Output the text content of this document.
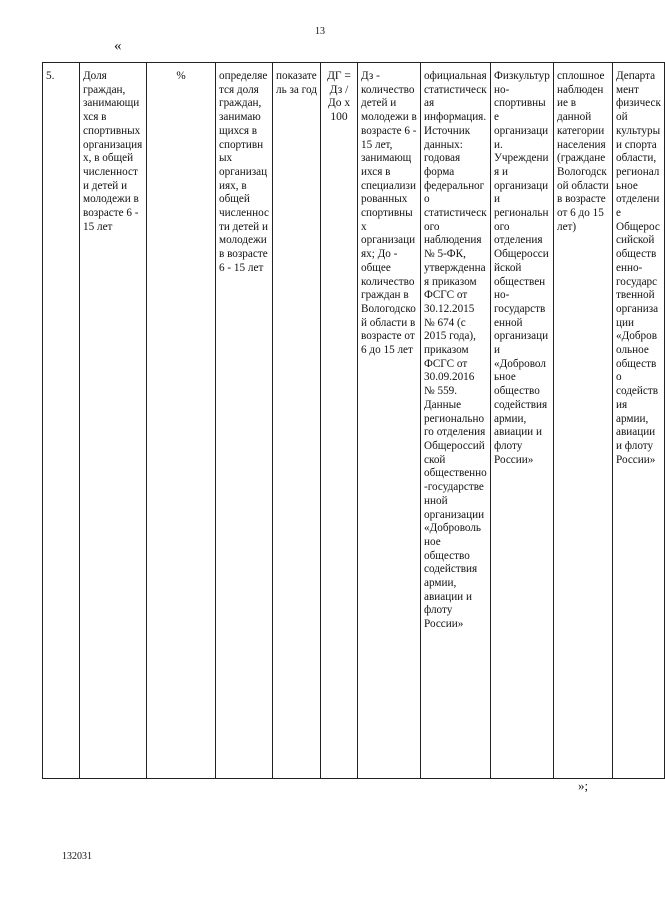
13
«
5.	Доля граждан, занимающихся в спортивных организациях, в общей численности детей и молодежи в возрасте 6 - 15 лет	%	определяется доля граждан, занимающихся в спортивных организациях, в общей численности детей и молодежи в возрасте 6 - 15 лет	показатель за год	ДГ = Дз / До х 100	Дз - количество детей и молодежи в возрасте 6 - 15 лет, занимающихся в специализированных спортивных организациях; До - общее количество граждан в Вологодской области в возрасте от 6 до 15 лет	официальная статистическая информация. Источник данных: годовая форма федерального статистического наблюдения № 5-ФК, утвержденная приказом ФСГС от 30.12.2015 № 674 (с 2015 года), приказом ФСГС от 30.09.2016 № 559. Данные регионального отделения Общероссийской общественно-государственной организации «Добровольное общество содействия армии, авиации и флоту России»	Физкультурно-спортивные организации. Учреждения и организации регионального отделения Общероссийской общественно-государственной организации «Добровольное общество содействия армии, авиации и флоту России»	сплошное наблюдение в данной категории населения (граждане Вологодской области в возрасте от 6 до 15 лет)	Департамент физической культуры и спорта области, региональное отделение Общероссийской общественно-государственной организации «Добровольное общество содействия армии, авиации и флоту России»
»;
132031
